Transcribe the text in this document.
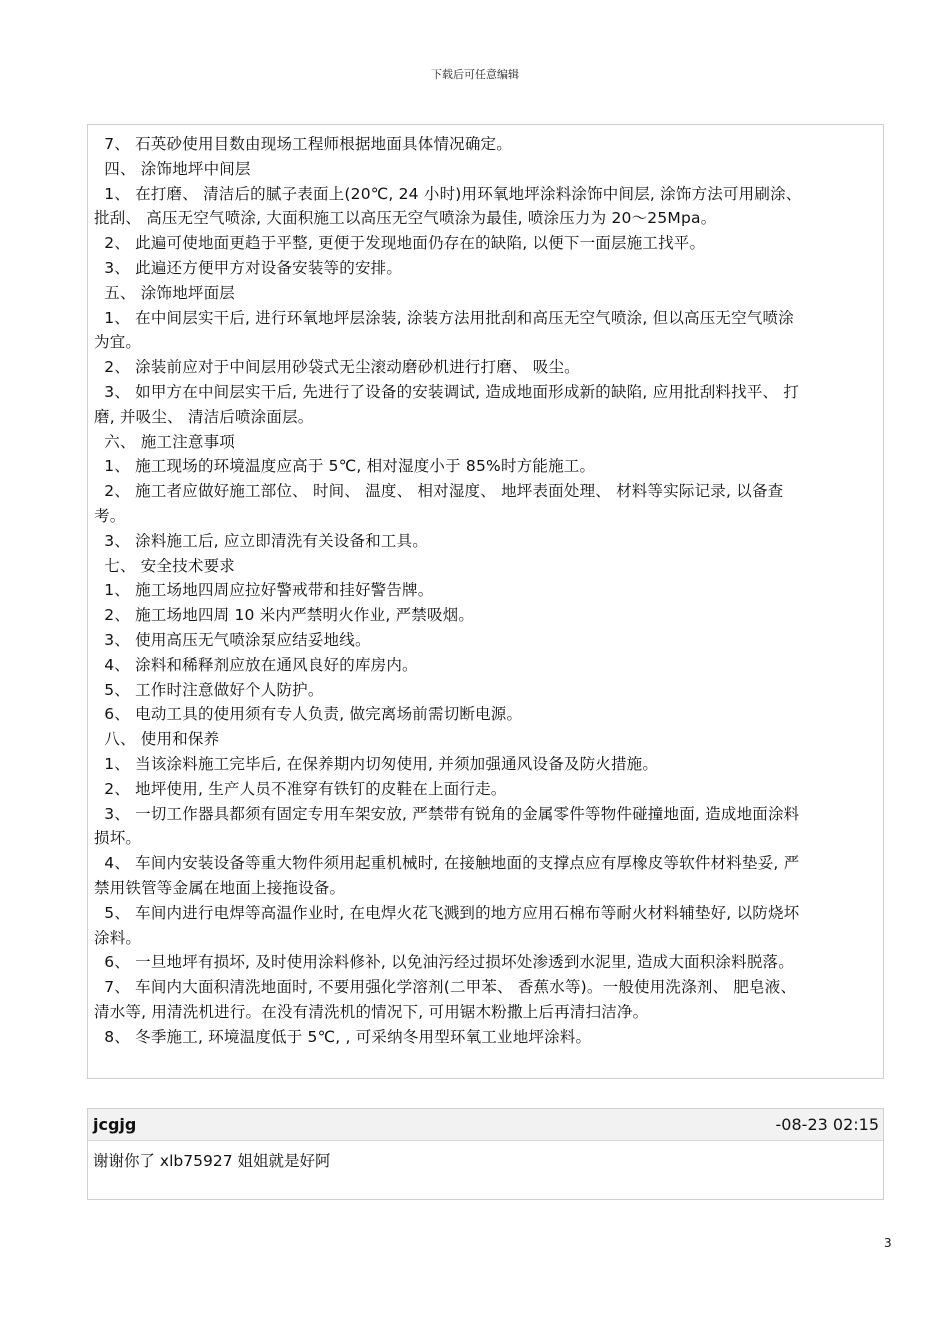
下载后可任意编辑
7、 石英砂使用目数由现场工程师根据地面具体情况确定。
四、 涂饰地坪中间层
1、 在打磨、 清洁后的腻子表面上(20℃, 24 小时)用环氧地坪涂料涂饰中间层, 涂饰方法可用刷涂、
批刮、 高压无空气喷涂, 大面积施工以高压无空气喷涂为最佳, 喷涂压力为 20～25Mpa。
2、 此遍可使地面更趋于平整, 更便于发现地面仍存在的缺陷, 以便下一面层施工找平。
3、 此遍还方便甲方对设备安装等的安排。
五、 涂饰地坪面层
1、 在中间层实干后, 进行环氧地坪层涂装, 涂装方法用批刮和高压无空气喷涂, 但以高压无空气喷涂
为宜。
2、 涂装前应对于中间层用砂袋式无尘滚动磨砂机进行打磨、 吸尘。
3、 如甲方在中间层实干后, 先进行了设备的安装调试, 造成地面形成新的缺陷, 应用批刮料找平、 打
磨, 并吸尘、 清洁后喷涂面层。
六、 施工注意事项
1、 施工现场的环境温度应高于 5℃, 相对湿度小于 85%时方能施工。
2、 施工者应做好施工部位、 时间、 温度、 相对湿度、 地坪表面处理、 材料等实际记录, 以备查
考。
3、 涂料施工后, 应立即清洗有关设备和工具。
七、 安全技术要求
1、 施工场地四周应拉好警戒带和挂好警告牌。
2、 施工场地四周 10 米内严禁明火作业, 严禁吸烟。
3、 使用高压无气喷涂泵应结妥地线。
4、 涂料和稀释剂应放在通风良好的库房内。
5、 工作时注意做好个人防护。
6、 电动工具的使用须有专人负责, 做完离场前需切断电源。
八、 使用和保养
1、 当该涂料施工完毕后, 在保养期内切匆使用, 并须加强通风设备及防火措施。
2、 地坪使用, 生产人员不准穿有铁钉的皮鞋在上面行走。
3、 一切工作器具都须有固定专用车架安放, 严禁带有锐角的金属零件等物件碰撞地面, 造成地面涂料
损坏。
4、 车间内安装设备等重大物件须用起重机械时, 在接触地面的支撑点应有厚橡皮等软件材料垫妥, 严
禁用铁管等金属在地面上接拖设备。
5、 车间内进行电焊等高温作业时, 在电焊火花飞溅到的地方应用石棉布等耐火材料辅垫好, 以防烧坏
涂料。
6、 一旦地坪有损坏, 及时使用涂料修补, 以免油污经过损坏处渗透到水泥里, 造成大面积涂料脱落。
7、 车间内大面积清洗地面时, 不要用强化学溶剂(二甲苯、 香蕉水等)。一般使用洗涤剂、 肥皂液、
清水等, 用清洗机进行。在没有清洗机的情况下, 可用锯木粉撒上后再清扫洁净。
8、 冬季施工, 环境温度低于 5℃, , 可采纳冬用型环氧工业地坪涂料。
jcgjg	-08-23 02:15
谢谢你了 xlb75927 姐姐就是好阿
3
